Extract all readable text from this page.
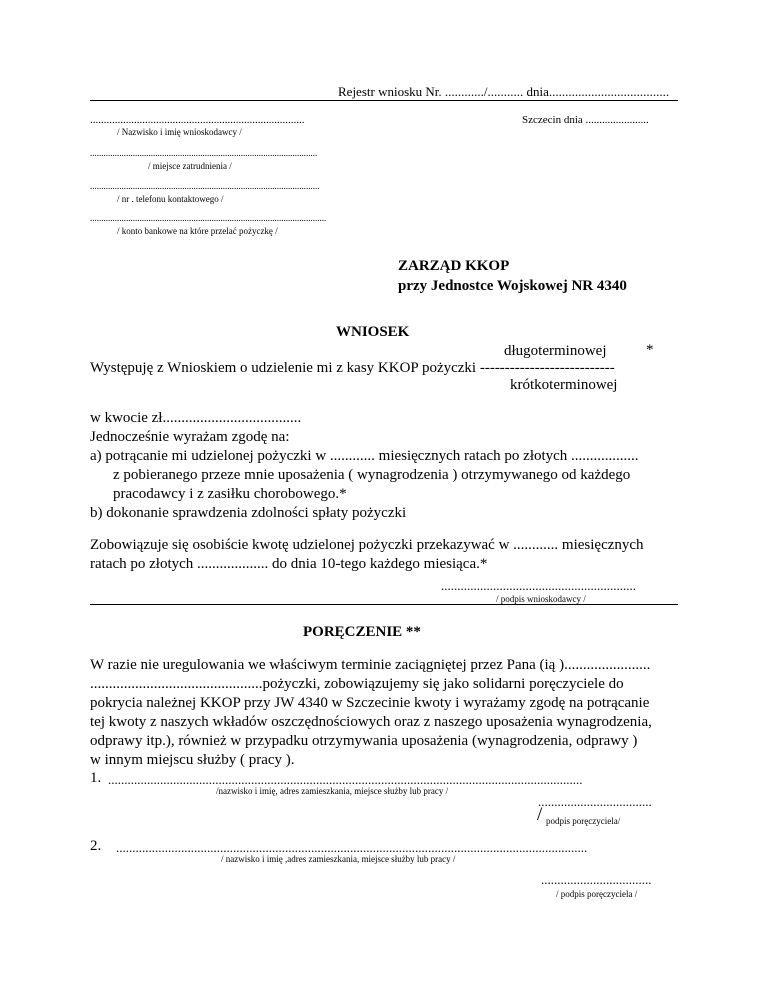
Rejestr wniosku Nr. ............/........... dnia.....................................
..............................................................................
/ Nazwisko i imię wnioskodawcy /
Szczecin dnia .......................
.....................................................................................................
/ miejsce zatrudnienia /
......................................................................................................
/ nr . telefonu kontaktowego /
.........................................................................................................
/ konto bankowe na które przelać pożyczkę /
ZARZĄD KKOP
przy Jednostce Wojskowej NR 4340
WNIOSEK
długoterminowej	*
Występuję z Wnioskiem o udzielenie mi z kasy KKOP pożyczki ---------------------------
krótkoterminowej
w kwocie zł.....................................
Jednocześnie wyrażam zgodę na:
a) potrącanie mi udzielonej pożyczki w ............ miesięcznych ratach po złotych ..................
z pobieranego przeze mnie uposażenia ( wynagrodzenia ) otrzymywanego od każdego
pracodawcy i z zasiłku chorobowego.*
b) dokonanie sprawdzenia zdolności spłaty pożyczki
Zobowiązuje się osobiście kwotę udzielonej pożyczki przekazywać w ............ miesięcznych
ratach po złotych ................... do dnia 10-tego każdego miesiąca.*
............................................................
/ podpis wnioskodawcy /
PORĘCZENIE **
W razie nie uregulowania we właściwym terminie zaciągniętej przez Pana (ią ).......................
..............................................pożyczki, zobowiązujemy się jako solidarni poręczyciele do
pokrycia należnej KKOP przy JW 4340 w Szczecinie kwoty i wyrażamy zgodę na potrącanie
tej kwoty z naszych wkładów oszczędnościowych oraz z naszego uposażenia wynagrodzenia,
odprawy itp.), również w przypadku otrzymywania uposażenia (wynagrodzenia, odprawy )
w innym miejscu służby ( pracy ).
1. ..................................................................................................................................................
/nazwisko i imię, adres zamieszkania, miejsce służby lub pracy /
...................................
/ podpis poręczyciela/
2. .................................................................................................................................................
/ nazwisko i imię ,adres zamieszkania, miejsce służby lub pracy /
..................................
/ podpis poręczyciela /
